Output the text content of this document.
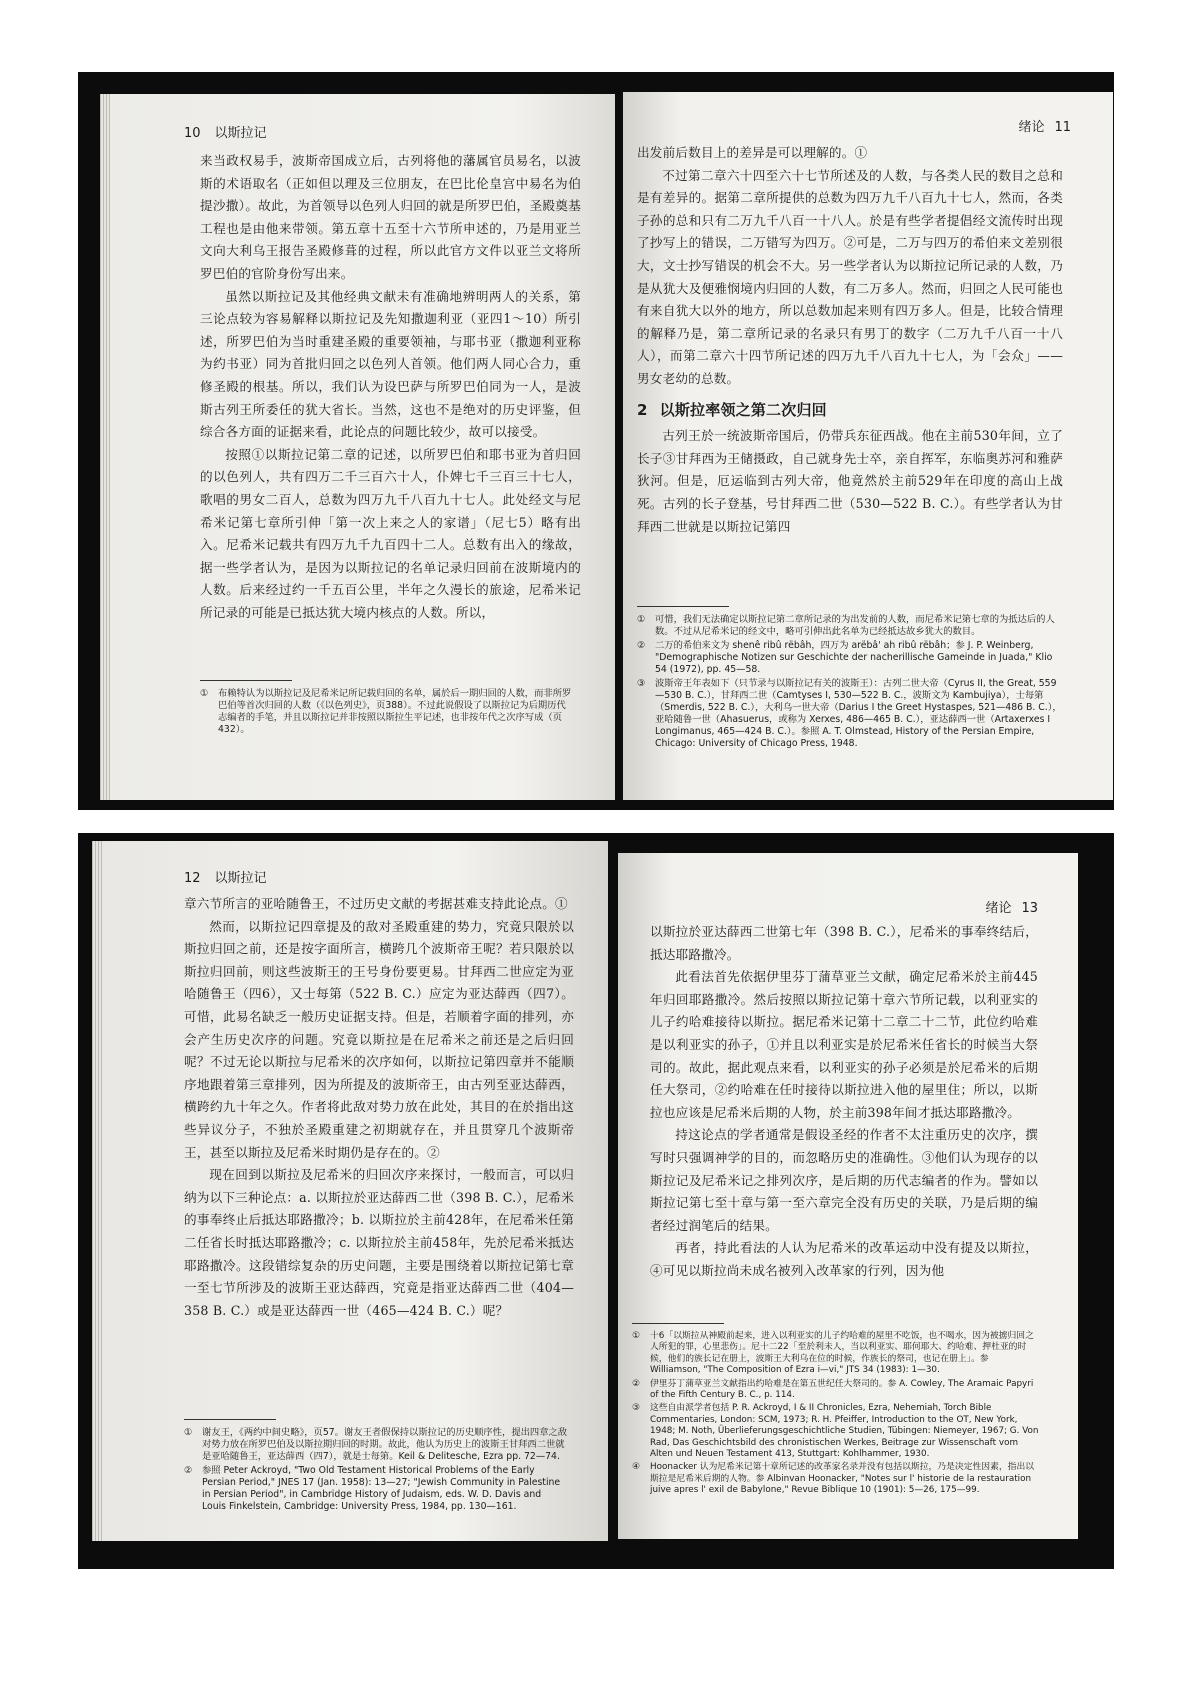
10 以斯拉记

来当政权易手，波斯帝国成立后，古列将他的藩属官员易名，以波斯的术语取名（正如但以理及三位朋友，在巴比伦皇宫中易名为伯提沙撒）。故此，为首领导以色列人归回的就是所罗巴伯，圣殿奠基工程也是由他来带领。第五章十五至十六节所申述的，乃是用亚兰文向大利乌王报告圣殿修葺的过程，所以此官方文件以亚兰文将所罗巴伯的官阶身份写出来。

虽然以斯拉记及其他经典文献未有准确地辨明两人的关系，第三论点较为容易解释以斯拉记及先知撒迦利亚（亚四1～10）所引述，所罗巴伯为当时重建圣殿的重要领袖，与耶书亚（撒迦利亚称为约书亚）同为首批归回之以色列人首领。他们两人同心合力，重修圣殿的根基。所以，我们认为设巴萨与所罗巴伯同为一人，是波斯古列王所委任的犹大省长。当然，这也不是绝对的历史评鉴，但综合各方面的证据来看，此论点的问题比较少，故可以接受。

按照①以斯拉记第二章的记述，以所罗巴伯和耶书亚为首归回的以色列人，共有四万二千三百六十人，仆婢七千三百三十七人，歌唱的男女二百人，总数为四万九千八百九十七人。此处经文与尼希米记第七章所引伸「第一次上来之人的家谱」（尼七5）略有出入。尼希米记载共有四万九千九百四十二人。总数有出入的缘故，据一些学者认为，是因为以斯拉记的名单记录归回前在波斯境内的人数。后来经过约一千五百公里，半年之久漫长的旅途，尼希米记所记录的可能是已抵达犹大境内核点的人数。所以，

①	布赖特认为以斯拉记及尼希米记所记载归回的名单，属於后一期归回的人数，而非所罗巴伯等首次归回的人数（《以色列史》，页388）。不过此说假设了以斯拉记为后期历代志编者的手笔，并且以斯拉记并非按照以斯拉生平记述，也非按年代之次序写成（页432）。
绪论 11

出发前后数目上的差异是可以理解的。①

不过第二章六十四至六十七节所述及的人数，与各类人民的数目之总和是有差异的。据第二章所提供的总数为四万九千八百九十七人，然而，各类子孙的总和只有二万九千八百一十八人。於是有些学者提倡经文流传时出现了抄写上的错误，二万错写为四万。②可是，二万与四万的希伯来文差别很大，文士抄写错误的机会不大。另一些学者认为以斯拉记所记录的人数，乃是从犹大及便雅悯境内归回的人数，有二万多人。然而，归回之人民可能也有来自犹大以外的地方，所以总数加起来则有四万多人。但是，比较合情理的解释乃是，第二章所记录的名录只有男丁的数字（二万九千八百一十八人），而第二章六十四节所记述的四万九千八百九十七人，为「会众」——男女老幼的总数。

2 以斯拉率领之第二次归回

古列王於一统波斯帝国后，仍带兵东征西战。他在主前530年间，立了长子③甘拜西为王储摄政，自己就身先士卒，亲自挥军，东临奥苏河和雅萨狄河。但是，厄运临到古列大帝，他竟然於主前529年在印度的高山上战死。古列的长子登基，号甘拜西二世（530—522 B. C.）。有些学者认为甘拜西二世就是以斯拉记第四

①	可惜，我们无法确定以斯拉记第二章所记录的为出发前的人数，而尼希米记第七章的为抵达后的人数。不过从尼希米记的经文中，略可引伸出此名单为已经抵达故乡犹大的数目。
②	二万的希伯来文为 shenê ribû rëbâh，四万为 arëbâ' ah ribû rëbâh；参 J. P. Weinberg, "Demographische Notizen sur Geschichte der nacherillische Gameinde in Juada," Klio 54 (1972), pp. 45—58.
③	波斯帝王年表如下（只节录与以斯拉记有关的波斯王）：古列二世大帝（Cyrus II, the Great, 559—530 B. C.），甘拜西二世（Camtyses I, 530—522 B. C.，波斯文为 Kambujiya），士每第（Smerdis, 522 B. C.），大利乌一世大帝（Darius I the Greet Hystaspes, 521—486 B. C.），亚哈随鲁一世（Ahasuerus，或称为 Xerxes, 486—465 B. C.），亚达薛西一世（Artaxerxes I Longimanus, 465—424 B. C.）。参照 A. T. Olmstead, History of the Persian Empire, Chicago: University of Chicago Press, 1948.
12 以斯拉记

章六节所言的亚哈随鲁王，不过历史文献的考据甚难支持此论点。①

然而，以斯拉记四章提及的敌对圣殿重建的势力，究竟只限於以斯拉归回之前，还是按字面所言，横跨几个波斯帝王呢？若只限於以斯拉归回前，则这些波斯王的王号身份要更易。甘拜西二世应定为亚哈随鲁王（四6），又士每第（522 B. C.）应定为亚达薛西（四7）。可惜，此易名缺乏一般历史证据支持。但是，若顺着字面的排列，亦会产生历史次序的问题。究竟以斯拉是在尼希米之前还是之后归回呢？不过无论以斯拉与尼希米的次序如何，以斯拉记第四章并不能顺序地跟着第三章排列，因为所提及的波斯帝王，由古列至亚达薛西，横跨约九十年之久。作者将此敌对势力放在此处，其目的在於指出这些异议分子，不独於圣殿重建之初期就存在，并且贯穿几个波斯帝王，甚至以斯拉及尼希米时期仍是存在的。②

现在回到以斯拉及尼希米的归回次序来探讨，一般而言，可以归纳为以下三种论点：a. 以斯拉於亚达薛西二世（398 B. C.），尼希米的事奉终止后抵达耶路撒冷；b. 以斯拉於主前428年，在尼希米任第二任省长时抵达耶路撒冷；c. 以斯拉於主前458年，先於尼希米抵达耶路撒冷。这段错综复杂的历史问题，主要是围绕着以斯拉记第七章一至七节所涉及的波斯王亚达薛西，究竟是指亚达薛西二世（404—358 B. C.）或是亚达薛西一世（465—424 B. C.）呢？

①	谢友王，《两约中间史略》，页57。谢友王者假保持以斯拉记的历史顺序性，提出四章之敌对势力放在所罗巴伯及以斯拉期归回的时期。故此，他认为历史上的波斯王甘拜西二世就是亚哈随鲁王，亚达薛西（四7），就是士每第。Keil & Delitesche, Ezra pp. 72—74.
②	参照 Peter Ackroyd, "Two Old Testament Historical Problems of the Early Persian Period," JNES 17 (Jan. 1958): 13—27; "Jewish Community in Palestine in Persian Period", in Cambridge History of Judaism, eds. W. D. Davis and Louis Finkelstein, Cambridge: University Press, 1984, pp. 130—161.
绪论 13

以斯拉於亚达薛西二世第七年（398 B. C.），尼希米的事奉终结后，抵达耶路撒冷。

此看法首先依据伊里芬丁蒲草亚兰文献，确定尼希米於主前445年归回耶路撒冷。然后按照以斯拉记第十章六节所记载，以利亚实的儿子约哈难接待以斯拉。据尼希米记第十二章二十二节，此位约哈难是以利亚实的孙子，①并且以利亚实是於尼希米任省长的时候当大祭司的。故此，据此观点来看，以利亚实的孙子必须是於尼希米的后期任大祭司，②约哈难在任时接待以斯拉进入他的屋里住；所以，以斯拉也应该是尼希米后期的人物，於主前398年间才抵达耶路撒冷。

持这论点的学者通常是假设圣经的作者不太注重历史的次序，撰写时只强调神学的目的，而忽略历史的准确性。③他们认为现存的以斯拉记及尼希米记之排列次序，是后期的历代志编者的作为。譬如以斯拉记第七至十章与第一至六章完全没有历史的关联，乃是后期的编者经过润笔后的结果。

再者，持此看法的人认为尼希米的改革运动中没有提及以斯拉，④可见以斯拉尚未成名被列入改革家的行列，因为他

①	十6「以斯拉从神殿前起来，进入以利亚实的儿子约哈难的屋里不吃饭，也不喝水，因为被掳归回之人所犯的罪，心里悲伤」。尼十二22「至於利未人，当以利亚实、耶何耶大、约哈难、押杜亚的时候，他们的族长记在册上，波斯王大利乌在位的时候，作族长的祭司，也记在册上」。参 Williamson, "The Composition of Ezra i—vi," JTS 34 (1983): 1—30.
②	伊里芬丁蒲草亚兰文献指出约哈难是在第五世纪任大祭司的。参 A. Cowley, The Aramaic Papyri of the Fifth Century B. C., p. 114.
③	这些自由派学者包括 P. R. Ackroyd, I & II Chronicles, Ezra, Nehemiah, Torch Bible Commentaries, London: SCM, 1973; R. H. Pfeiffer, Introduction to the OT, New York, 1948; M. Noth, Überlieferungsgeschichtliche Studien, Tübingen: Niemeyer, 1967; G. Von Rad, Das Geschichtsbild des chronistischen Werkes, Beitrage zur Wissenschaft vom Alten und Neuen Testament 413, Stuttgart: Kohlhammer, 1930.
④	Hoonacker 认为尼希米记第十章所记述的改革家名录并没有包括以斯拉，乃是决定性因素，指出以斯拉是尼希米后期的人物。参 Albinvan Hoonacker, "Notes sur l' historie de la restauration juive apres l' exil de Babylone," Revue Biblique 10 (1901): 5—26, 175—99.
